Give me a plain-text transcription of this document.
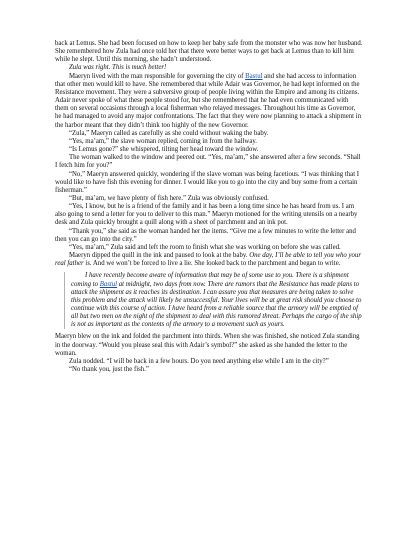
back at Lemus. She had been focused on how to keep her baby safe from the monster who was now her husband. She remembered how Zula had once told her that there were better ways to get back at Lemus than to kill him while he slept. Until this morning, she hadn’t understood.

Zula was right. This is much better!

Maeryn lived with the man responsible for governing the city of Bastul and she had access to information that other men would kill to have. She remembered that while Adair was Governor, he had kept informed on the Resistance movement. They were a subversive group of people living within the Empire and among its citizens. Adair never spoke of what these people stood for, but she remembered that he had even communicated with them on several occasions through a local fisherman who relayed messages. Throughout his time as Governor, he had managed to avoid any major confrontations. The fact that they were now planning to attack a shipment in the harbor meant that they didn’t think too highly of the new Governor.

“Zula,” Maeryn called as carefully as she could without waking the baby.

“Yes, ma’am,” the slave woman replied, coming in from the hallway.

“Is Lemus gone?” she whispered, tilting her head toward the window.

The woman walked to the window and peered out. “Yes, ma’am,” she answered after a few seconds. “Shall I fetch him for you?”

“No,” Maeryn answered quickly, wondering if the slave woman was being facetious. “I was thinking that I would like to have fish this evening for dinner. I would like you to go into the city and buy some from a certain fisherman.”

“But, ma’am, we have plenty of fish here.” Zula was obviously confused.

“Yes, I know, but he is a friend of the family and it has been a long time since he has heard from us. I am also going to send a letter for you to deliver to this man.” Maeryn motioned for the writing utensils on a nearby desk and Zula quickly brought a quill along with a sheet of parchment and an ink pot.

“Thank you,” she said as the woman handed her the items. “Give me a few minutes to write the letter and then you can go into the city.”

“Yes, ma’am,” Zula said and left the room to finish what she was working on before she was called.

Maeryn dipped the quill in the ink and paused to look at the baby. One day, I’ll be able to tell you who your real father is. And we won’t be forced to live a lie. She looked back to the parchment and began to write.

I have recently become aware of information that may be of some use to you. There is a shipment coming to Bastul at midnight, two days from now. There are rumors that the Resistance has made plans to attack the shipment as it reaches its destination. I can assure you that measures are being taken to solve this problem and the attack will likely be unsuccessful. Your lives will be at great risk should you choose to continue with this course of action. I have heard from a reliable source that the armory will be emptied of all but two men on the night of the shipment to deal with this rumored threat. Perhaps the cargo of the ship is not as important as the contents of the armory to a movement such as yours.

Maeryn blew on the ink and folded the parchment into thirds. When she was finished, she noticed Zula standing in the doorway. “Would you please seal this with Adair’s symbol?” she asked as she handed the letter to the woman.

Zula nodded. “I will be back in a few hours. Do you need anything else while I am in the city?”

“No thank you, just the fish.”
